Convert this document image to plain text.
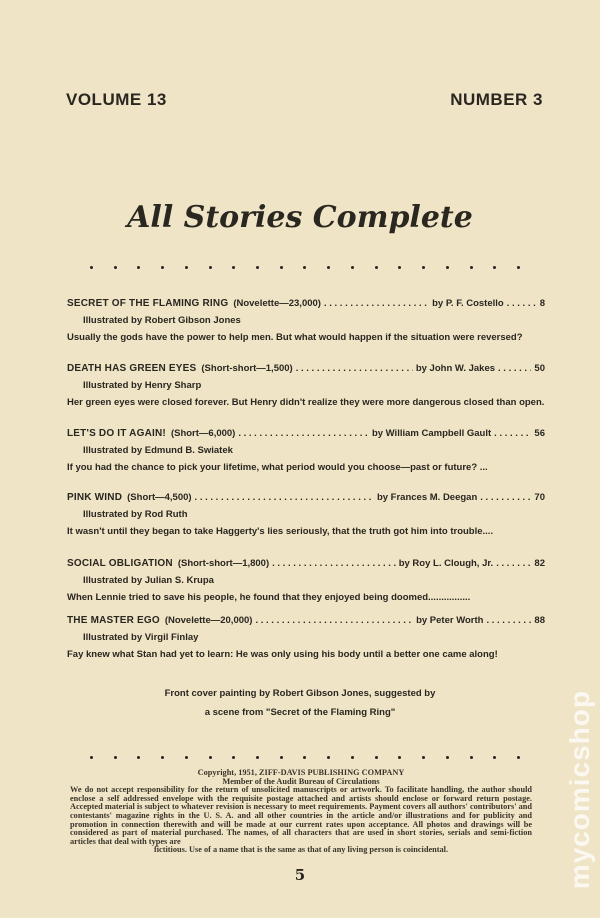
VOLUME 13	NUMBER 3
All Stories Complete
SECRET OF THE FLAMING RING (Novelette—23,000) . . .	by P. F. Costello . . .	8
Illustrated by Robert Gibson Jones
Usually the gods have the power to help men. But what would happen if the situation were reversed?
DEATH HAS GREEN EYES (Short-short—1,500) . . .	by John W. Jakes . . .	50
Illustrated by Henry Sharp
Her green eyes were closed forever. But Henry didn't realize they were more dangerous closed than open.
LET'S DO IT AGAIN! (Short—6,000) . . .	by William Campbell Gault . . .	56
Illustrated by Edmund B. Swiatek
If you had the chance to pick your lifetime, what period would you choose—past or future? ...
PINK WIND (Short—4,500) . . .	by Frances M. Deegan . . .	70
Illustrated by Rod Ruth
It wasn't until they began to take Haggerty's lies seriously, that the truth got him into trouble....
SOCIAL OBLIGATION (Short-short—1,800) . . .	by Roy L. Clough, Jr. . . .	82
Illustrated by Julian S. Krupa
When Lennie tried to save his people, he found that they enjoyed being doomed................
THE MASTER EGO (Novelette—20,000) . . .	by Peter Worth . . .	88
Illustrated by Virgil Finlay
Fay knew what Stan had yet to learn: He was only using his body until a better one came along!
Front cover painting by Robert Gibson Jones, suggested by
a scene from "Secret of the Flaming Ring"
Copyright, 1951, ZIFF-DAVIS PUBLISHING COMPANY
Member of the Audit Bureau of Circulations
We do not accept responsibility for the return of unsolicited manuscripts or artwork. To facilitate handling, the author should enclose a self addressed envelope with the requisite postage attached and artists should enclose or forward return postage. Accepted material is subject to whatever revision is necessary to meet requirements. Payment covers all authors' contributors' and contestants' magazine rights in the U. S. A. and all other countries in the article and/or illustrations and for publicity and promotion in connection therewith and will be made at our current rates upon acceptance. All photos and drawings will be considered as part of material purchased. The names, of all characters that are used in short stories, serials and semi-fiction articles that deal with types are
fictitious. Use of a name that is the same as that of any living person is coincidental.
5	mycomicshop
